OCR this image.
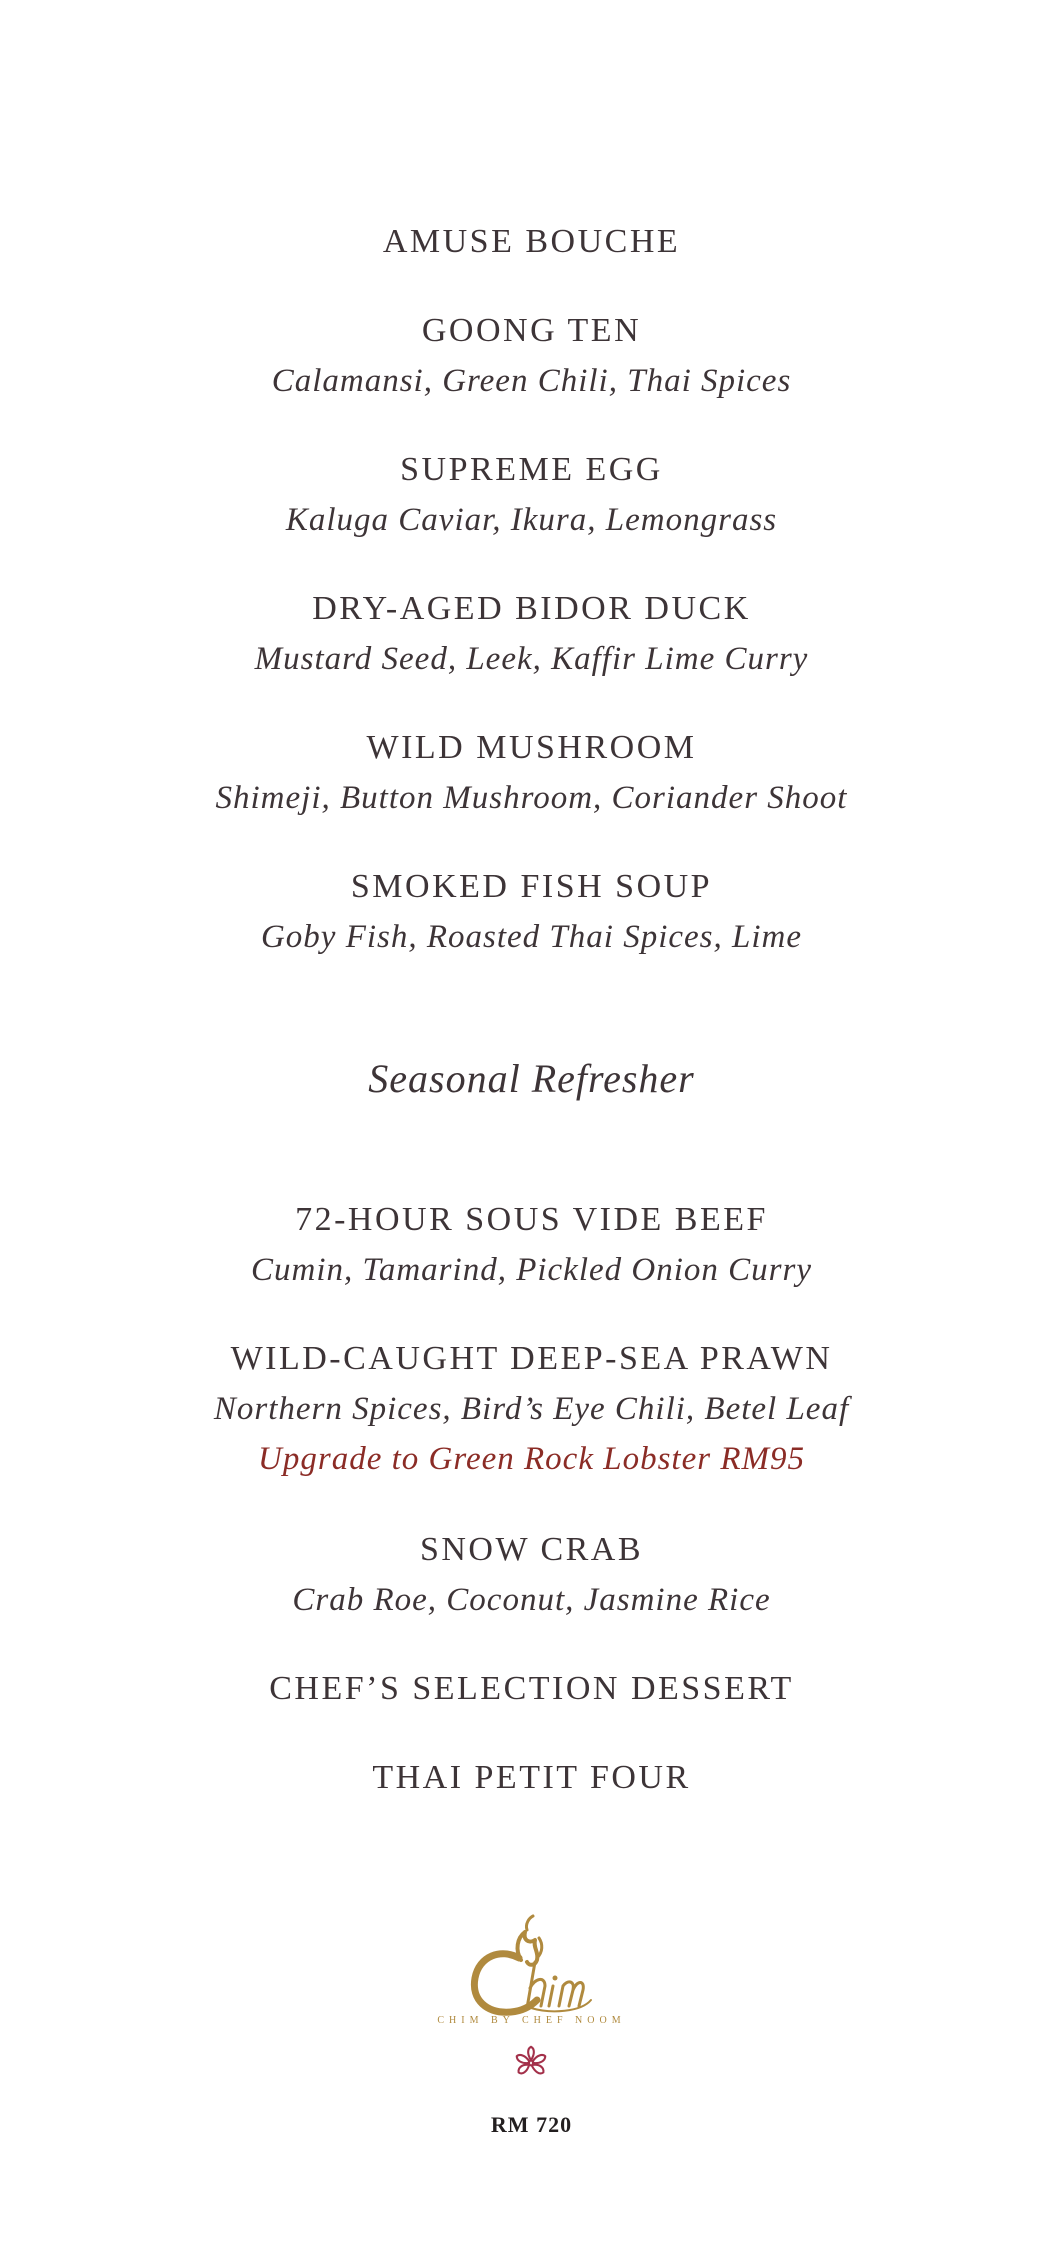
AMUSE BOUCHE
GOONG TEN
Calamansi, Green Chili, Thai Spices
SUPREME EGG
Kaluga Caviar, Ikura, Lemongrass
DRY-AGED BIDOR DUCK
Mustard Seed, Leek, Kaffir Lime Curry
WILD MUSHROOM
Shimeji, Button Mushroom, Coriander Shoot
SMOKED FISH SOUP
Goby Fish, Roasted Thai Spices, Lime
Seasonal Refresher
72-HOUR SOUS VIDE BEEF
Cumin, Tamarind, Pickled Onion Curry
WILD-CAUGHT DEEP-SEA PRAWN
Northern Spices, Bird’s Eye Chili, Betel Leaf
Upgrade to Green Rock Lobster RM95
SNOW CRAB
Crab Roe, Coconut, Jasmine Rice
CHEF’S SELECTION DESSERT
THAI PETIT FOUR
CHIM BY CHEF NOOM
RM 720
